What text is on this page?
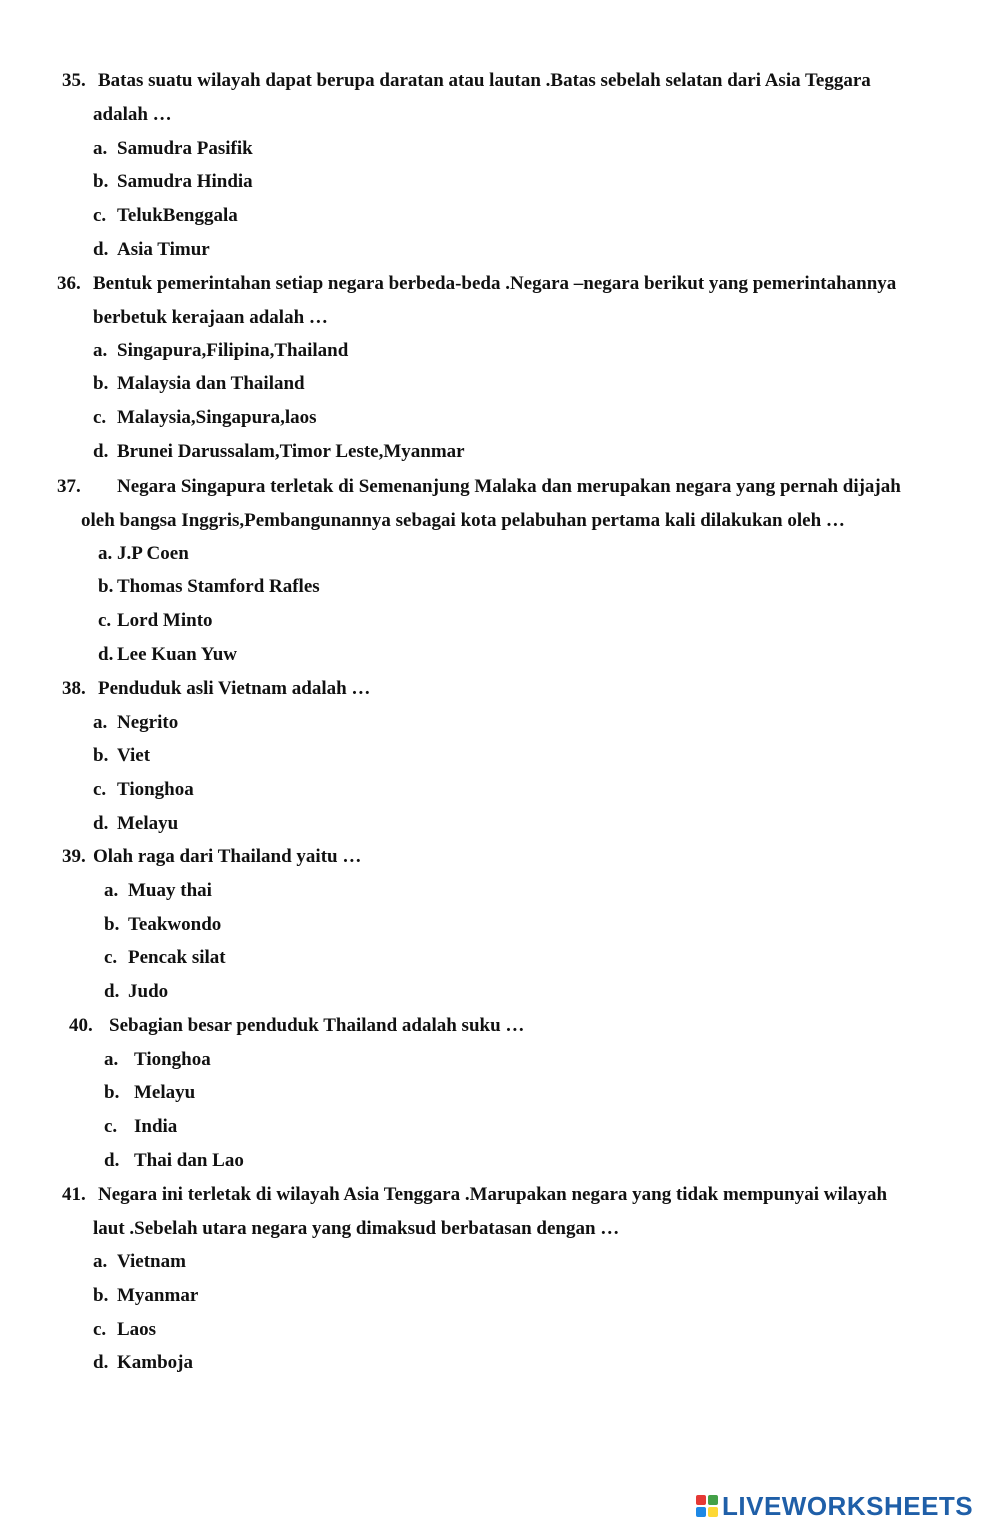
35. Batas suatu wilayah dapat berupa daratan atau lautan .Batas sebelah selatan dari Asia Teggara
adalah …
a. Samudra Pasifik
b. Samudra Hindia
c. TelukBenggala
d. Asia Timur
36. Bentuk pemerintahan setiap negara berbeda-beda .Negara –negara berikut yang pemerintahannya
berbetuk kerajaan adalah …
a. Singapura,Filipina,Thailand
b. Malaysia dan Thailand
c. Malaysia,Singapura,laos
d. Brunei Darussalam,Timor Leste,Myanmar
37. Negara Singapura terletak di Semenanjung Malaka dan merupakan negara yang pernah dijajah
oleh bangsa Inggris,Pembangunannya sebagai kota pelabuhan pertama kali dilakukan oleh …
a. J.P Coen
b. Thomas Stamford Rafles
c. Lord Minto
d. Lee Kuan Yuw
38. Penduduk asli Vietnam adalah …
a. Negrito
b. Viet
c. Tionghoa
d. Melayu
39. Olah raga dari Thailand yaitu …
a. Muay thai
b. Teakwondo
c. Pencak silat
d. Judo
40. Sebagian besar penduduk Thailand adalah suku …
a. Tionghoa
b. Melayu
c. India
d. Thai dan Lao
41. Negara ini terletak di wilayah Asia Tenggara .Marupakan negara yang tidak mempunyai wilayah
laut .Sebelah utara negara yang dimaksud berbatasan dengan …
a. Vietnam
b. Myanmar
c. Laos
d. Kamboja
LIVEWORKSHEETS
